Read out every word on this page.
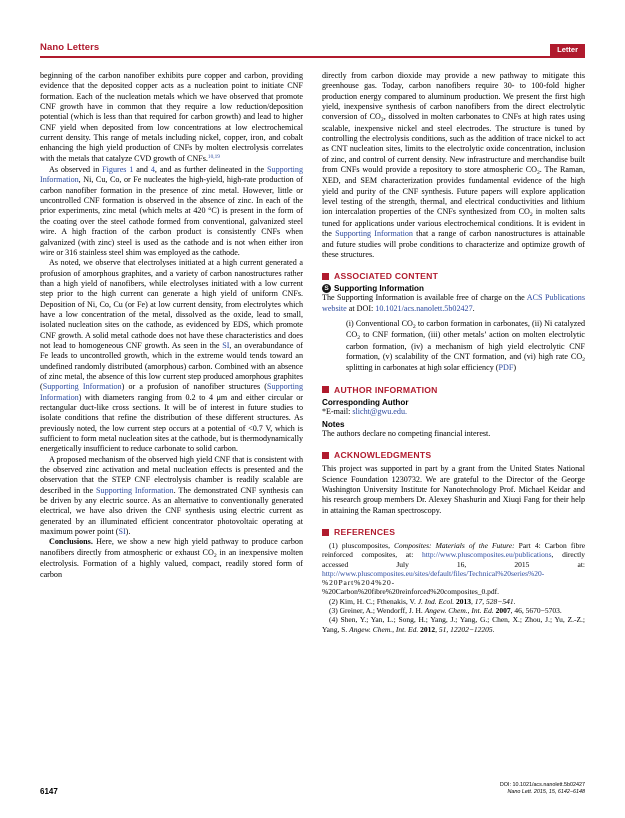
Nano Letters	Letter

beginning of the carbon nanofiber exhibits pure copper and carbon, providing evidence that the deposited copper acts as a nucleation point to initiate CNF formation. Each of the nucleation metals which we have observed that promote CNF growth have in common that they require a low reduction/deposition potential (which is less than that required for carbon growth) and lead to higher CNF yield when deposited from low concentrations at low electrochemical current density. This range of metals including nickel, copper, iron, and cobalt enhancing the high yield production of CNFs by molten electrolysis correlates with the metals that catalyze CVD growth of CNFs.$^{10,19}$

As observed in Figures 1 and 4, and as further delineated in the Supporting Information, Ni, Cu, Co, or Fe nucleates the high-yield, high-rate production of carbon nanofiber formation in the presence of zinc metal. However, little or uncontrolled CNF formation is observed in the absence of zinc. In each of the prior experiments, zinc metal (which melts at 420 °C) is present in the form of the coating over the steel cathode formed from conventional, galvanized steel wire. A high fraction of the carbon product is consistently CNFs when galvanized (with zinc) steel is used as the cathode and is not when either iron wire or 316 stainless steel shim was employed as the cathode.

As noted, we observe that electrolyses initiated at a high current generated a profusion of amorphous graphites, and a variety of carbon nanostructures rather than a high yield of nanofibers, while electrolyses initiated with a low current step prior to the high current can generate a high yield of uniform CNFs. Deposition of Ni, Co, Cu (or Fe) at low current density, from electrolytes which have a low concentration of the metal, dissolved as the oxide, lead to small, isolated nucleation sites on the cathode, as evidenced by EDS, which promote CNF growth. A solid metal cathode does not have these characteristics and does not lead to homogeneous CNF growth. As seen in the SI, an overabundance of Fe leads to uncontrolled growth, which in the extreme would tends toward an undefined randomly distributed (amorphous) carbon. Combined with an absence of zinc metal, the absence of this low current step produced amorphous graphites (Supporting Information) or a profusion of nanofiber structures (Supporting Information) with diameters ranging from 0.2 to 4 μm and either circular or rectangular duct-like cross sections. It will be of interest in future studies to isolate conditions that refine the distribution of these different structures. As previously noted, the low current step occurs at a potential of <0.7 V, which is sufficient to form metal nucleation sites at the cathode, but is thermodynamically energetically insufficient to reduce carbonate to solid carbon.

A proposed mechanism of the observed high yield CNF that is consistent with the observed zinc activation and metal nucleation effects is presented and the observation that the STEP CNF electrolysis chamber is readily scalable are described in the Supporting Information. The demonstrated CNF synthesis can be driven by any electric source. As an alternative to conventionally generated electrical, we have also driven the CNF synthesis using electric current as generated by an illuminated efficient concentrator photovoltaic operating at maximum power point (SI).

Conclusions. Here, we show a new high yield pathway to produce carbon nanofibers directly from atmospheric or exhaust $CO_2$ in an inexpensive molten electrolysis. Formation of a highly valued, compact, readily stored form of carbon

directly from carbon dioxide may provide a new pathway to mitigate this greenhouse gas. Today, carbon nanofibers require 30- to 100-fold higher production energy compared to aluminum production. We present the first high yield, inexpensive synthesis of carbon nanofibers from the direct electrolytic conversion of $CO_2$, dissolved in molten carbonates to CNFs at high rates using scalable, inexpensive nickel and steel electrodes. The structure is tuned by controlling the electrolysis conditions, such as the addition of trace nickel to act as CNT nucleation sites, limits to the electrolytic oxide concentration, inclusion of zinc, and control of current density. New infrastructure and merchandise built from CNFs would provide a repository to store atmospheric $CO_2$. The Raman, XED, and SEM characterization provides fundamental evidence of the high yield and purity of the CNF synthesis. Future papers will explore application level testing of the strength, thermal, and electrical conductivities and lithium ion intercalation properties of the CNFs synthesized from $CO_2$ in molten salts tuned for applications under various electrochemical conditions. It is evident in the Supporting Information that a range of carbon nanostructures is attainable and future studies will probe conditions to characterize and optimize growth of these structures.

ASSOCIATED CONTENT
S Supporting Information

The Supporting Information is available free of charge on the ACS Publications website at DOI: 10.1021/acs.nanolett.5b02427.

(i) Conventional $CO_2$ to carbon formation in carbonates, (ii) Ni catalyzed $CO_2$ to CNF formation, (iii) other metals’ action on molten electrolytic carbon formation, (iv) a mechanism of high yield electrolytic CNF formation, (v) scalability of the CNT formation, and (vi) high rate $CO_2$ splitting in carbonates at high solar efficiency (PDF)
AUTHOR INFORMATION
Corresponding Author

*E-mail: slicht@gwu.edu.

Notes

The authors declare no competing financial interest.

ACKNOWLEDGMENTS

This project was supported in part by a grant from the United States National Science Foundation 1230732. We are grateful to the Director of the George Washington University Institute for Nanotechnology Prof. Michael Keidar and his research group members Dr. Alexey Shashurin and Xiuqi Fang for their help in attaining the Raman spectroscopy.

REFERENCES

(1) pluscomposites, Composites: Materials of the Future: Part 4: Carbon fibre reinforced composites, at: http://www.pluscomposites.eu/publications, directly accessed July 16, 2015 at: http://www.pluscomposites.eu/sites/default/files/Technical%20series%20-
%20Part%204%20-
%20Carbon%20fibre%20reinforced%20composites_0.pdf.

(2) Kim, H. C.; Fthenakis, V. J. Ind. Ecol. 2013, 17, 528−541.

(3) Greiner, A.; Wendorff, J. H. Angew. Chem., Int. Ed. 2007, 46, 5670−5703.

(4) Shen, Y.; Yan, L.; Song, H.; Yang, J.; Yang, G.; Chen, X.; Zhou, J.; Yu, Z.-Z.; Yang, S. Angew. Chem., Int. Ed. 2012, 51, 12202−12205.

6147
DOI: 10.1021/acs.nanolett.5b02427
Nano Lett. 2015, 15, 6142−6148
